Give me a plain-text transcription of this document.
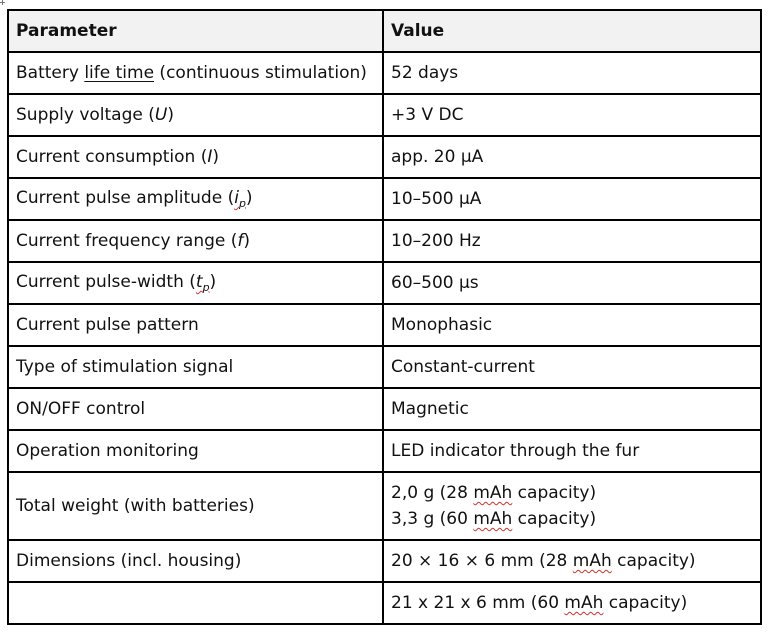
Parameter	Value
Battery life time (continuous stimulation)	52 days
Supply voltage (U)	+3 V DC
Current consumption (I)	app. 20 μA
Current pulse amplitude $(i_p)$	10–500 μA
Current frequency range (f)	10–200 Hz
Current pulse-width $(t_p)$	60–500 μs
Current pulse pattern	Monophasic
Type of stimulation signal	Constant-current
ON/OFF control	Magnetic
Operation monitoring	LED indicator through the fur
Total weight (with batteries)	2,0 g (28 mAh capacity)
3,3 g (60 mAh capacity)

Dimensions (incl. housing)	20 × 16 × 6 mm (28 mAh capacity)
	21 x 21 x 6 mm (60 mAh capacity)
